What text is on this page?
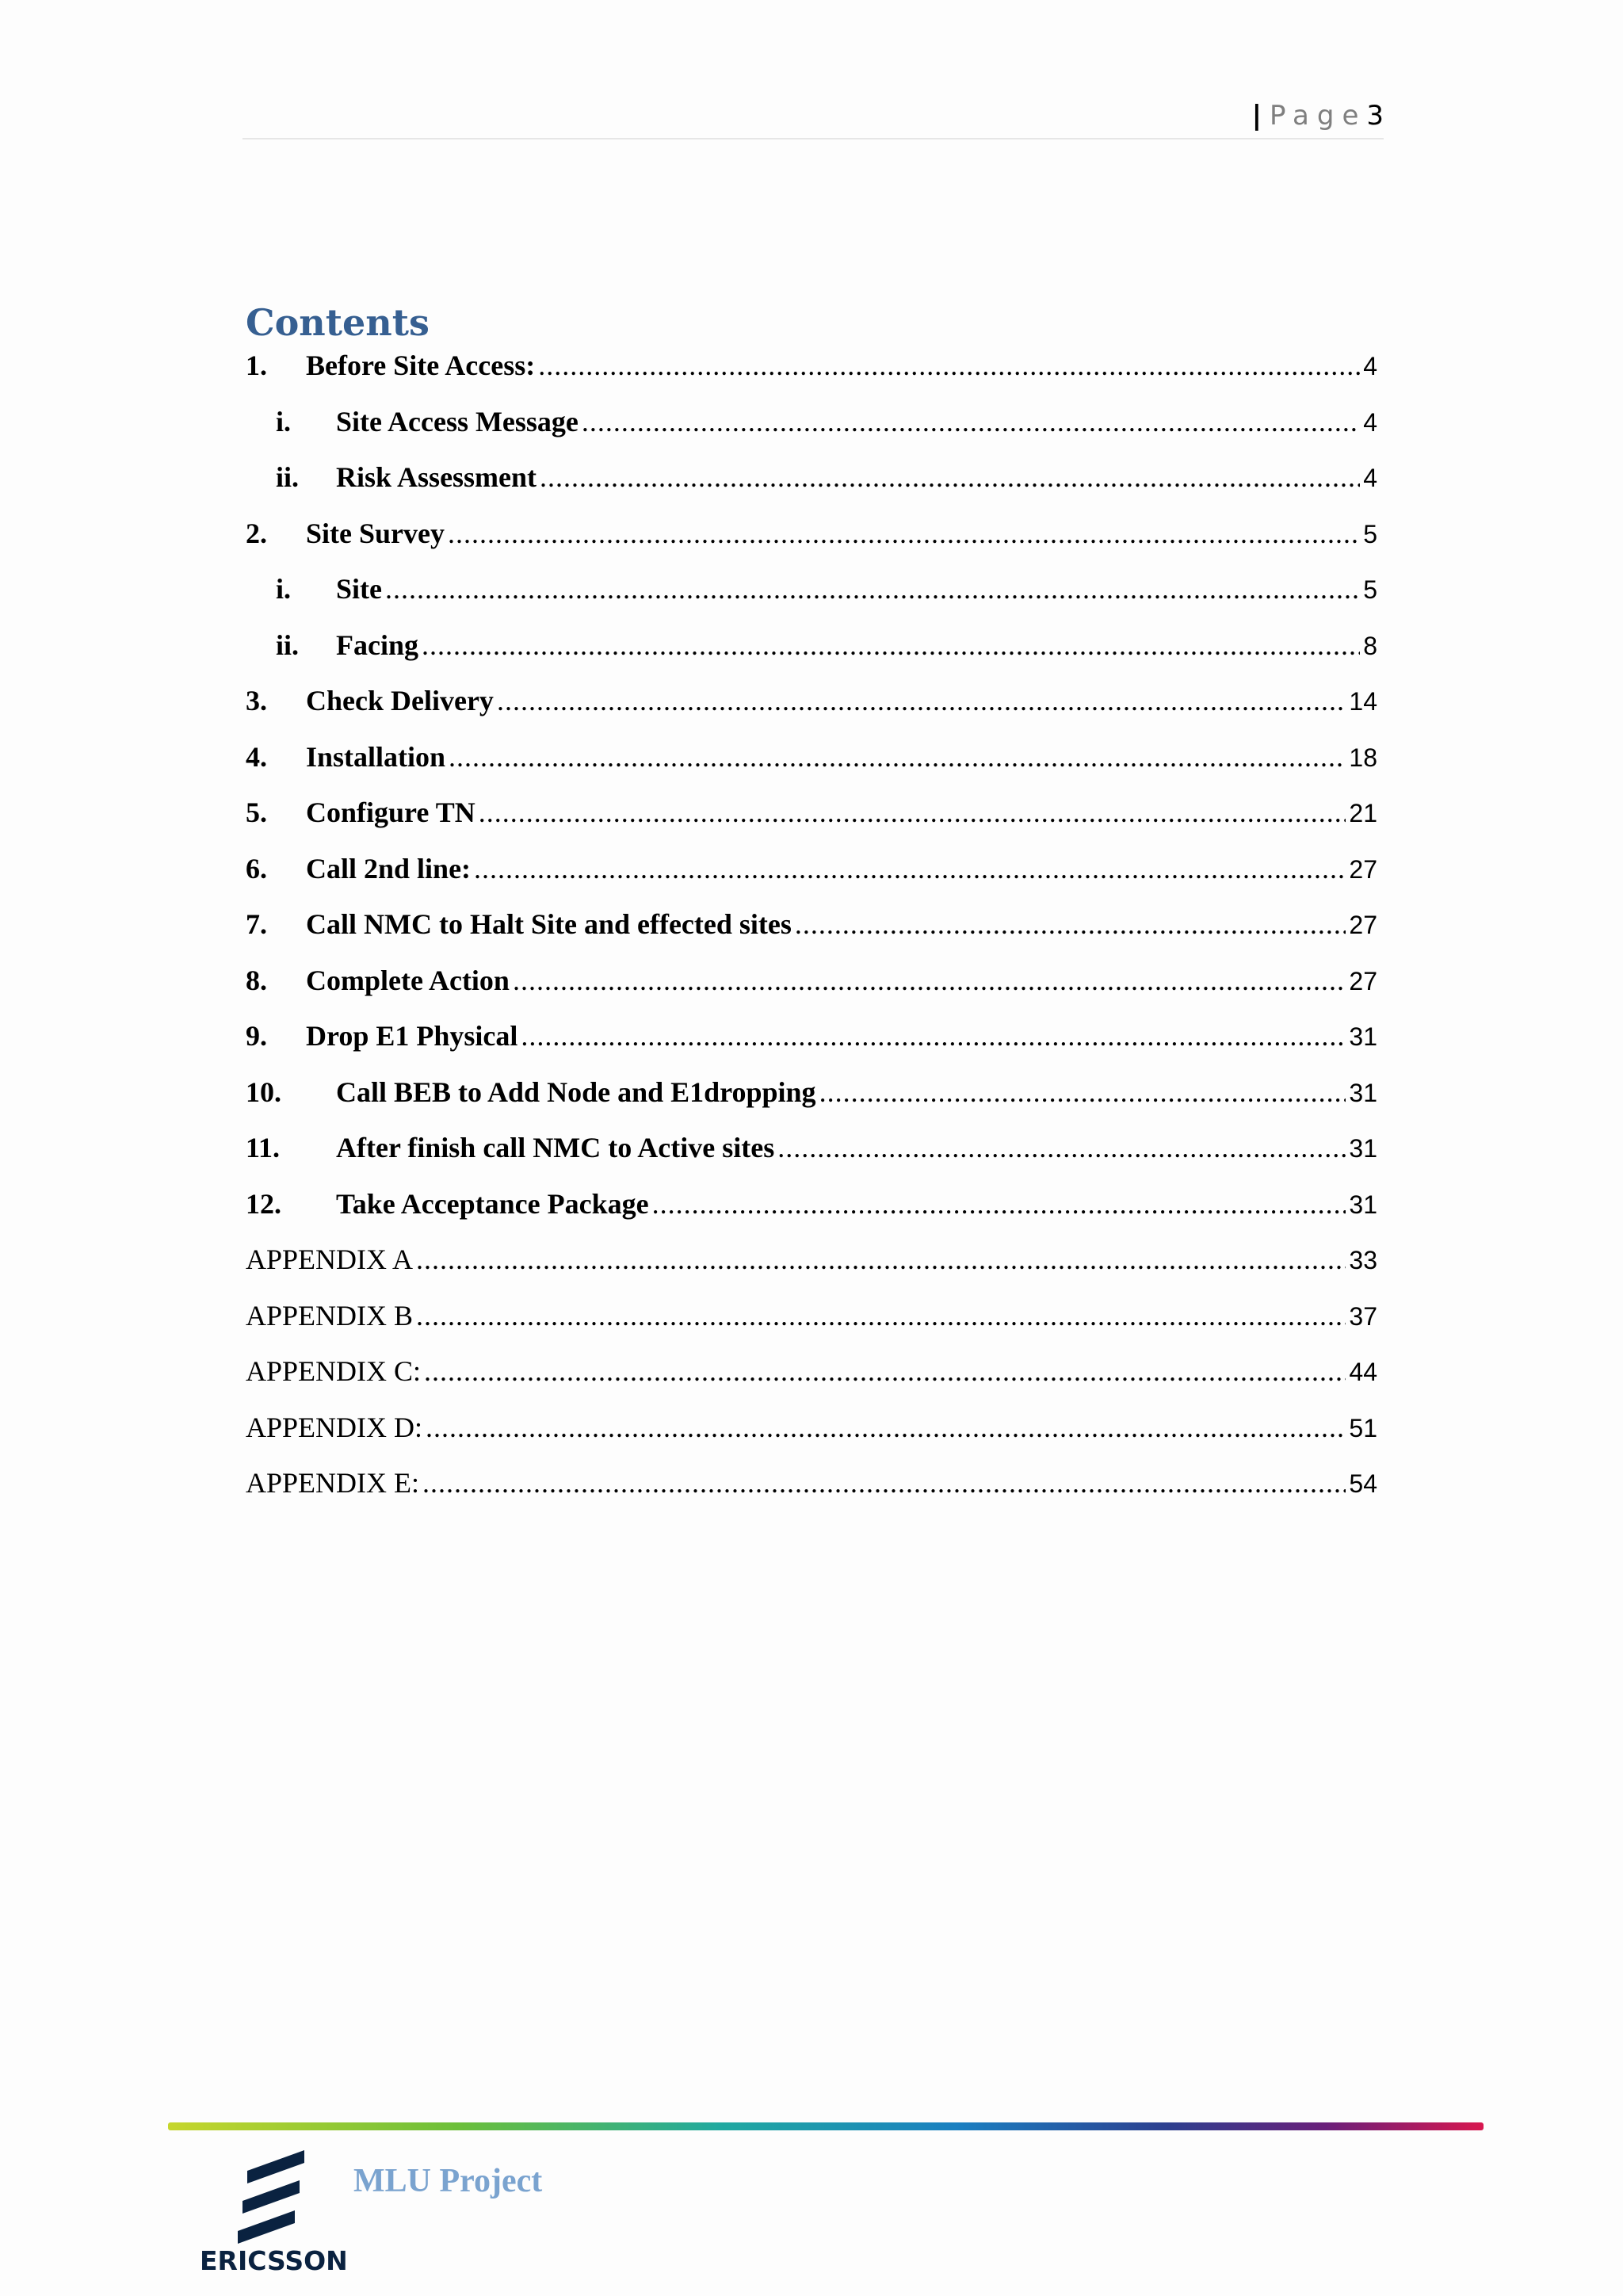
| Page3
Contents
1.	Before Site Access: .....	4
i.	Site Access Message .....	4
ii.	Risk Assessment .....	4
2.	Site Survey .....	5
i.	Site .....	5
ii.	Facing .....	8
3.	Check Delivery .....	14
4.	Installation .....	18
5.	Configure TN .....	21
6.	Call 2nd line: .....	27
7.	Call NMC to Halt Site and effected sites .....	27
8.	Complete Action .....	27
9.	Drop E1 Physical .....	31
10.	Call BEB to Add Node and E1dropping .....	31
11.	After finish call NMC to Active sites .....	31
12.	Take Acceptance Package .....	31
APPENDIX A .....	33
APPENDIX B .....	37
APPENDIX C: .....	44
APPENDIX D: .....	51
APPENDIX E: .....	54
ERICSSON
MLU Project
